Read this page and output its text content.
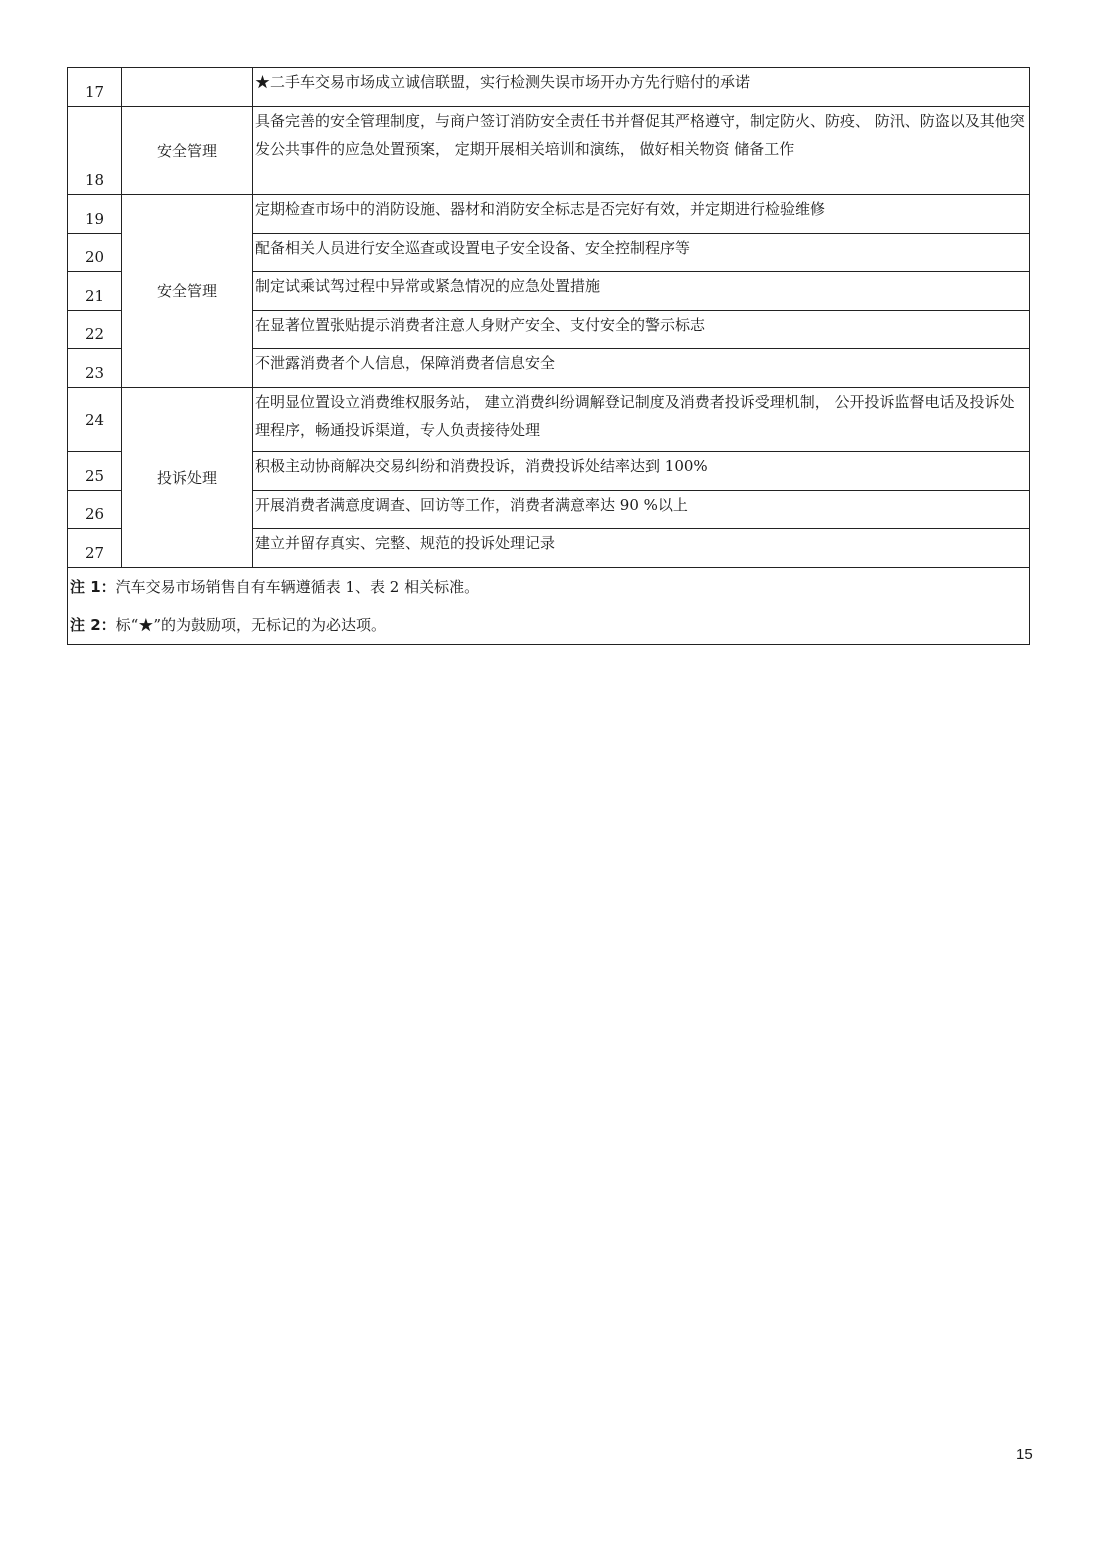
17		★二手车交易市场成立诚信联盟，实行检测失误市场开办方先行赔付的承诺
18	安全管理	具备完善的安全管理制度，与商户签订消防安全责任书并督促其严格遵守，制定防火、防疫、 防汛、防盗以及其他突发公共事件的应急处置预案， 定期开展相关培训和演练， 做好相关物资 储备工作
19	安全管理	定期检查市场中的消防设施、器材和消防安全标志是否完好有效，并定期进行检验维修
20		配备相关人员进行安全巡查或设置电子安全设备、安全控制程序等
21		制定试乘试驾过程中异常或紧急情况的应急处置措施
22		在显著位置张贴提示消费者注意人身财产安全、支付安全的警示标志
23		不泄露消费者个人信息，保障消费者信息安全
24	投诉处理	在明显位置设立消费维权服务站， 建立消费纠纷调解登记制度及消费者投诉受理机制， 公开投诉监督电话及投诉处理程序，畅通投诉渠道，专人负责接待处理
25		积极主动协商解决交易纠纷和消费投诉，消费投诉处结率达到 100%
26		开展消费者满意度调查、回访等工作，消费者满意率达 90 %以上
27		建立并留存真实、完整、规范的投诉处理记录

注 1：汽车交易市场销售自有车辆遵循表 1、表 2 相关标准。
注 2：标“★”的为鼓励项，无标记的为必达项。		
15
